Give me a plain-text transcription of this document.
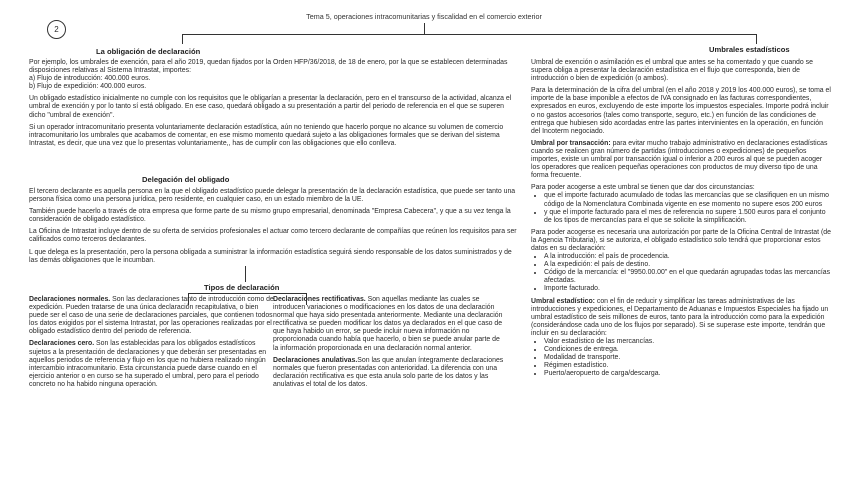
2
Tema 5, operaciones intracomunitarias y fiscalidad en el comercio exterior
La obligación de declaración

Por ejemplo, los umbrales de exención, para el año 2019, quedan fijados por la Orden HFP/36/2018, de 18 de enero, por la que se establecen determinadas disposiciones relativas al Sistema Intrastat, importes:

a) Flujo de introducción: 400.000 euros.

b) Flujo de expedición: 400.000 euros.

Un obligado estadístico inicialmente no cumple con los requisitos que le obligarían a presentar la declaración, pero en el transcurso de la actividad, alcanza el umbral de exención y por lo tanto sí está obligado. En ese caso, quedará obligado a su presentación a partir del periodo de referencia en el que se superen dicho "umbral de exención".

Si un operador intracomunitario presenta voluntariamente declaración estadística, aún no teniendo que hacerlo porque no alcance su volumen de comercio intracomunitario los umbrales que acabamos de comentar, en ese mismo momento quedará sujeto a las obligaciones formales que se derivan del sistema Intrastat, es decir, que una vez que lo presentas voluntariamente,, has de cumplir con las obligaciones que ello conlleva.

Delegación del obligado

El tercero declarante es aquella persona en la que el obligado estadístico puede delegar la presentación de la declaración estadística, que puede ser tanto una persona física como una persona jurídica, pero residente, en cualquier caso, en un estado miembro de la UE.

También puede hacerlo a través de otra empresa que forme parte de su mismo grupo empresarial, denominada "Empresa Cabecera", y que a su vez tenga la consideración de obligado estadístico.

La Oficina de Intrastat incluye dentro de su oferta de servicios profesionales el actuar como tercero declarante de compañías que reúnen los requisitos para ser calificados como terceros declarantes.

L que delega es la presentación, pero la persona obligada a suministrar la información estadística seguirá siendo responsable de los datos suministrados y de las demás obligaciones que le incumban.

Tipos de declaración

Declaraciones normales. Son las declaraciones tanto de introducción como de expedición. Pueden tratarse de una única declaración recapitulativa, o bien puede ser el caso de una serie de declaraciones parciales, que contienen todos los datos exigidos por el sistema Intrastat, por las operaciones realizadas por el obligado estadístico dentro del periodo de referencia.

Declaraciones cero. Son las establecidas para los obligados estadísticos sujetos a la presentación de declaraciones y que deberán ser presentadas en aquellos periodos de referencia y flujo en los que no hubiera realizado ningún intercambio intracomunitario. Esta circunstancia puede darse cuando en el ejercicio anterior o en curso se ha superado el umbral, pero para el periodo concreto no ha habido ninguna operación.

Declaraciones rectificativas. Son aquellas mediante las cuales se introducen variaciones o modificaciones en los datos de una declaración normal que haya sido presentada anteriormente. Mediante una declaración rectificativa se pueden modificar los datos ya declarados en el que caso de que haya habido un error, se puede incluir nueva información no proporcionada cuando había que hacerlo, o bien se puede anular parte de la información proporcionada en una declaración normal anterior.

Declaraciones anulativas.Son las que anulan íntegramente declaraciones normales que fueron presentadas con anterioridad. La diferencia con una declaración rectificativa es que esta anula solo parte de los datos y las anulativas el total de los datos.

Umbrales estadísticos

Umbral de exención o asimilación es el umbral que antes se ha comentado y que cuando se supera obliga a presentar la declaración estadística en el flujo que corresponda, bien de introducción o bien de expedición (o ambos).

Para la determinación de la cifra del umbral (en el año 2018 y 2019 los 400.000 euros), se toma el importe de la base imponible a efectos de IVA consignado en las facturas correspondientes, expresados en euros, excluyendo de este importe los impuestos especiales. Importe podrá incluir o no gastos accesorios (tales como transporte, seguro, etc.) en función de las condiciones de entrega que hubiesen sido acordadas entre las partes intervinientes en la operación, en función del Incoterm negociado.

Umbral por transacción: para evitar mucho trabajo administrativo en declaraciones estadísticas cuando se realicen gran número de partidas (introducciones o expediciones) de pequeños importes, existe un umbral por transacción igual o inferior a 200 euros al que se pueden acoger los operadores que realicen pequeñas operaciones con productos de muy diverso tipo de una forma frecuente.

Para poder acogerse a este umbral se tienen que dar dos circunstancias:

• que el importe facturado acumulado de todas las mercancías que se clasifiquen en un mismo código de la Nomenclatura Combinada vigente en ese momento no supere esos 200 euros
• y que el importe facturado para el mes de referencia no supere 1.500 euros para el conjunto de los tipos de mercancías para el que se solicite la simplificación.

Para poder acogerse es necesaria una autorización por parte de la Oficina Central de Intrastat (de la Agencia Tributaria), si se autoriza, el obligado estadístico solo tendrá que proporcionar estos datos en su declaración:

• A la introducción: el país de procedencia.
• A la expedición: el país de destino.
• Código de la mercancía: el "9950.00.00" en el que quedarán agrupadas todas las mercancías afectadas.
• Importe facturado.

Umbral estadístico: con el fin de reducir y simplificar las tareas administrativas de las introducciones y expediciones, el Departamento de Aduanas e Impuestos Especiales ha fijado un umbral estadístico de seis millones de euros, tanto para la introducción como para la expedición (considerándose cada uno de los flujos por separado). Si se superase este importe, tendrán que incluir en su declaración:

• Valor estadístico de las mercancías.
• Condiciones de entrega.
• Modalidad de transporte.
• Régimen estadístico.
• Puerto/aeropuerto de carga/descarga.
